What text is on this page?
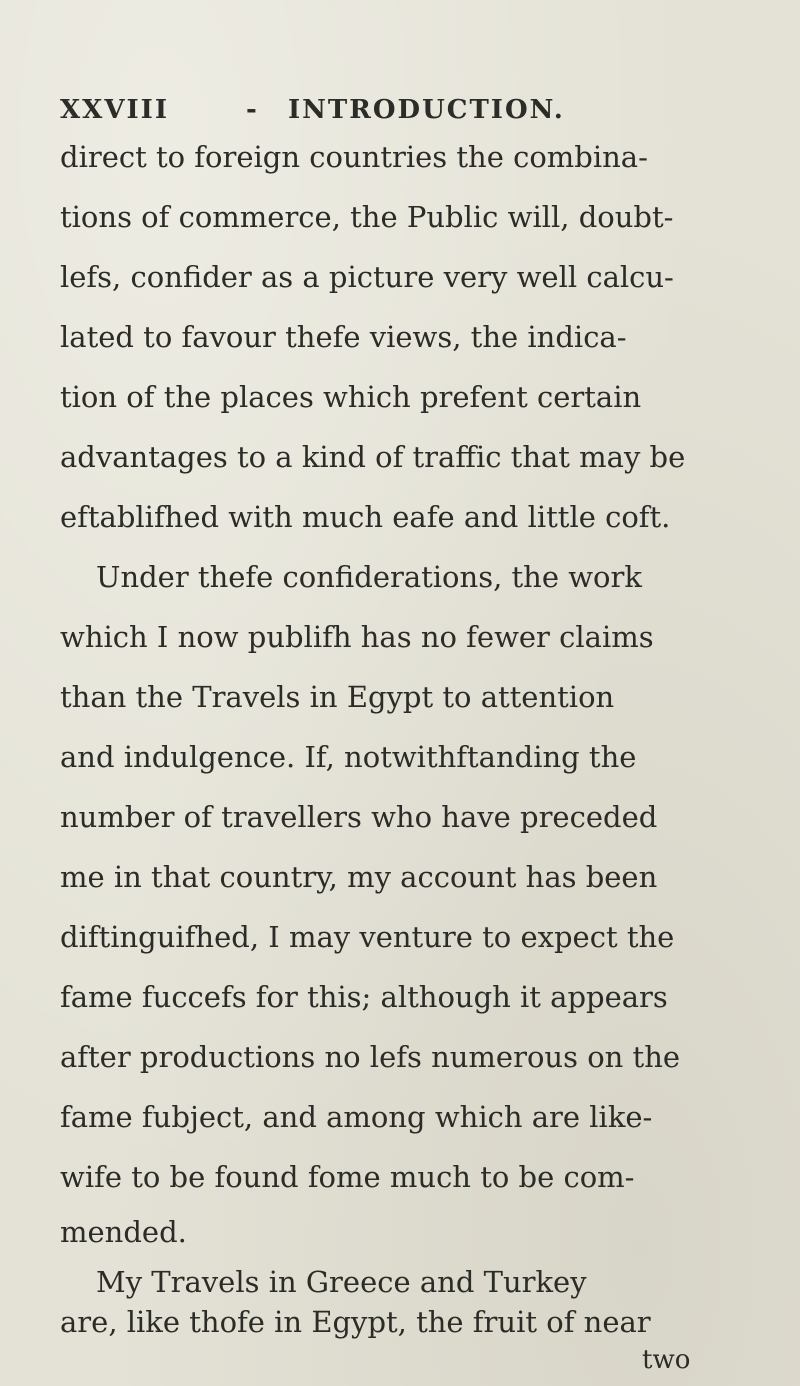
XXVIII	- INTRODUCTION.
direct to foreign countries the combina-
tions of commerce, the Public will, doubt-
lefs, confider as a picture very well calcu-
lated to favour thefe views, the indica-
tion of the places which prefent certain
advantages to a kind of traffic that may be
eftablifhed with much eafe and little coft.
Under thefe confiderations, the work
which I now publifh has no fewer claims
than the Travels in Egypt to attention
and indulgence. If, notwithftanding the
number of travellers who have preceded
me in that country, my account has been
diftinguifhed, I may venture to expect the
fame fuccefs for this; although it appears
after productions no lefs numerous on the
fame fubject, and among which are like-
wife to be found fome much to be com-
mended.
My Travels in Greece and Turkey
are, like thofe in Egypt, the fruit of near
two
